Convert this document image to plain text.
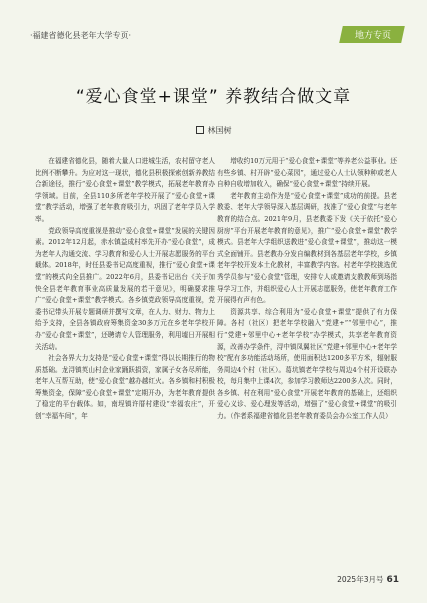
·福建省德化县老年大学专页·	地方专页
“爱心食堂+课堂” 养教结合做文章
林国树

在福建省德化县，随着大量人口进城生活，农村留守老人比例不断攀升。为应对这一现状，德化县积极探索创新养教结合新途径，推行“爱心食堂+课堂”教学模式，拓展老年教育办学领域。目前，全县110多所老年学校开展了“爱心食堂+课堂”教学活动，增强了老年教育吸引力，巩固了老年学员入学率。

党政领导高度重视是推动“爱心食堂+课堂”发展的关键因素。2012年12月起，赤水镇益成村率先开办“爱心食堂”，成为老年人沟通交流、学习教育和爱心人士开展志愿服务的平台载体。2018年，时任县委书记高度重视，推行“爱心食堂+课堂”的模式向全县推广。2022年6月，县委书记出台《关于加快全县老年教育事业高质量发展的若干意见》，明确要求推广“爱心食堂+课堂”教学模式。各乡镇党政领导高度重视，党委书记带头开展专题调研并撰写文章，在人力、财力、物力上给予支持，全县各镇政府筹集资金30多万元在乡老年学校开办“爱心食堂+课堂”，还聘请专人管理服务，利用墟日开展相关活动。

社会各界大力支持是“爱心食堂+课堂”得以长期推行的物质基础。龙浔镇英山村企业家踊跃捐资，家属子女各尽所能，老年人互帮互助，使“爱心食堂”越办越红火。各乡镇和村积极筹集资金，保障“爱心食堂+课堂”定期开办，为老年教育提供了稳定的平台载体。如，南埕镇许厝村建设“幸福农庄”，开创“幸福车间”，年

增收约10万元用于“爱心食堂+课堂”等养老公益事业。还有些乡镇、村开辟“爱心菜园”，通过爱心人士认领种种或老人自种自收增加收入，确保“爱心食堂+课堂”持续开展。

老年教育主动作为是“爱心食堂+课堂”成功的前提。县老教委、老年大学领导深入基层调研，找准了“爱心食堂”与老年教育的结合点。2021年9月，县老教委下发《关于依托“爱心厨房”平台开展老年教育的意见》，推广“爱心食堂+课堂”教学模式。县老年大学组织送教进“爱心食堂+课堂”，推动这一模式全面铺开。县老教办分发自编教材到各基层老年学校，乡镇老年学校开发本土化教材，丰富教学内容。村老年学校挑选优秀学员参与“爱心食堂”管理，安排专人或邀请支教教师到场指导学习工作，并组织爱心人士开展志愿服务，使老年教育工作开展得有声有色。

资源共享、综合利用为“爱心食堂+课堂”提供了有力保障。各村（社区）把老年学校融入“党建+”“邻里中心”，推行“党建+邻里中心+老年学校”办学模式，共享老年教育资源，改善办学条件，浔中镇凤翼社区“党建+邻里中心+老年学校”配有多功能活动场所，使用面积达1200多平方米，辐射服务周边4个村（社区）。葛坑镇老年学校与周边4个村开设联办校，每月集中上课4次，参加学习教师达2200多人次。同时，各乡镇、村在利用“爱心食堂”开展老年教育的基础上，还组织爱心义诊、爱心理发等活动，增强了“爱心食堂+课堂”的吸引力。（作者系福建省德化县老年教育委员会办公室工作人员）

2025年3月号 61
